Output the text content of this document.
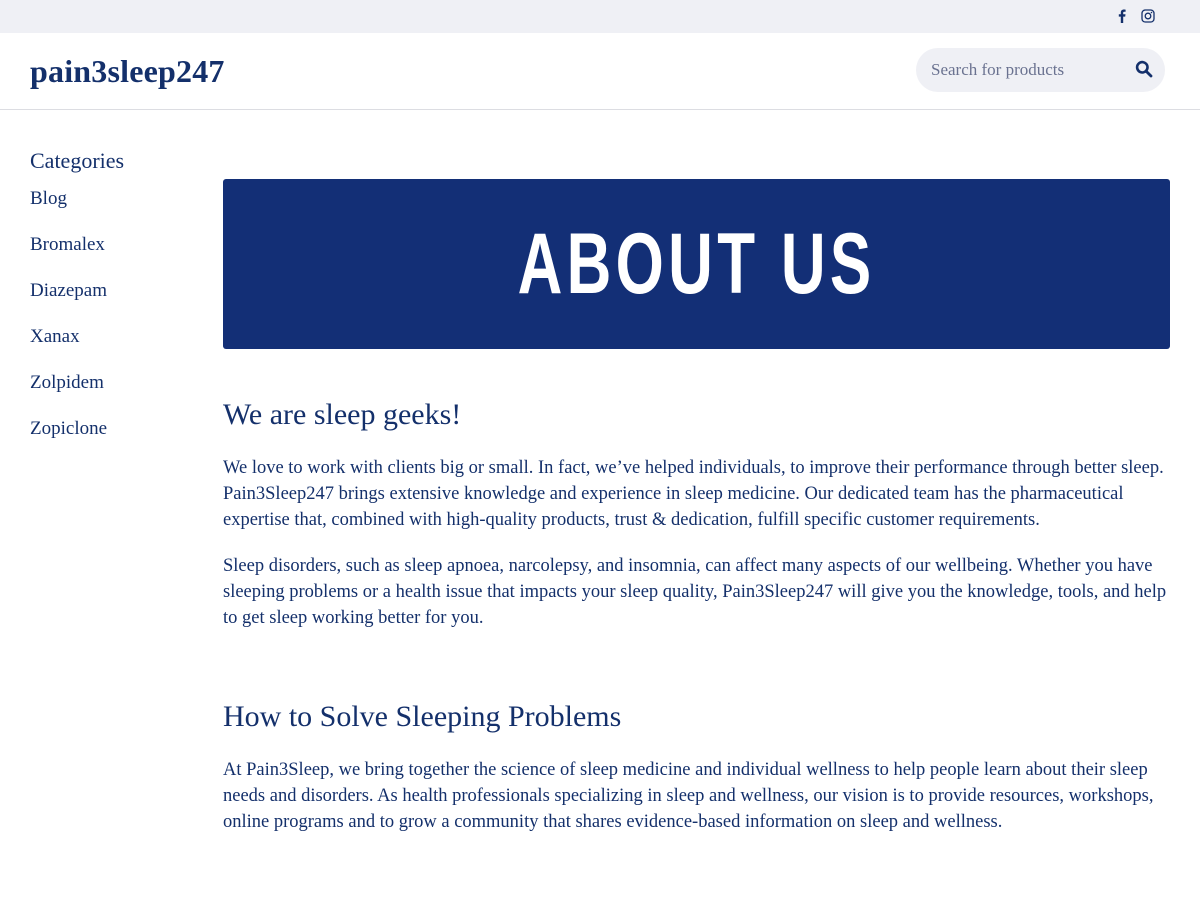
pain3sleep247
Search for products
Categories
Blog
Bromalex
Diazepam
Xanax
Zolpidem
Zopiclone
ABOUT US
We are sleep geeks!

We love to work with clients big or small. In fact, we’ve helped individuals, to improve their performance through better sleep. Pain3Sleep247 brings extensive knowledge and experience in sleep medicine. Our dedicated team has the pharmaceutical expertise that, combined with high-quality products, trust & dedication, fulfill specific customer requirements.

Sleep disorders, such as sleep apnoea, narcolepsy, and insomnia, can affect many aspects of our wellbeing. Whether you have sleeping problems or a health issue that impacts your sleep quality, Pain3Sleep247 will give you the knowledge, tools, and help to get sleep working better for you.

How to Solve Sleeping Problems

At Pain3Sleep, we bring together the science of sleep medicine and individual wellness to help people learn about their sleep needs and disorders. As health professionals specializing in sleep and wellness, our vision is to provide resources, workshops, online programs and to grow a community that shares evidence-based information on sleep and wellness.
